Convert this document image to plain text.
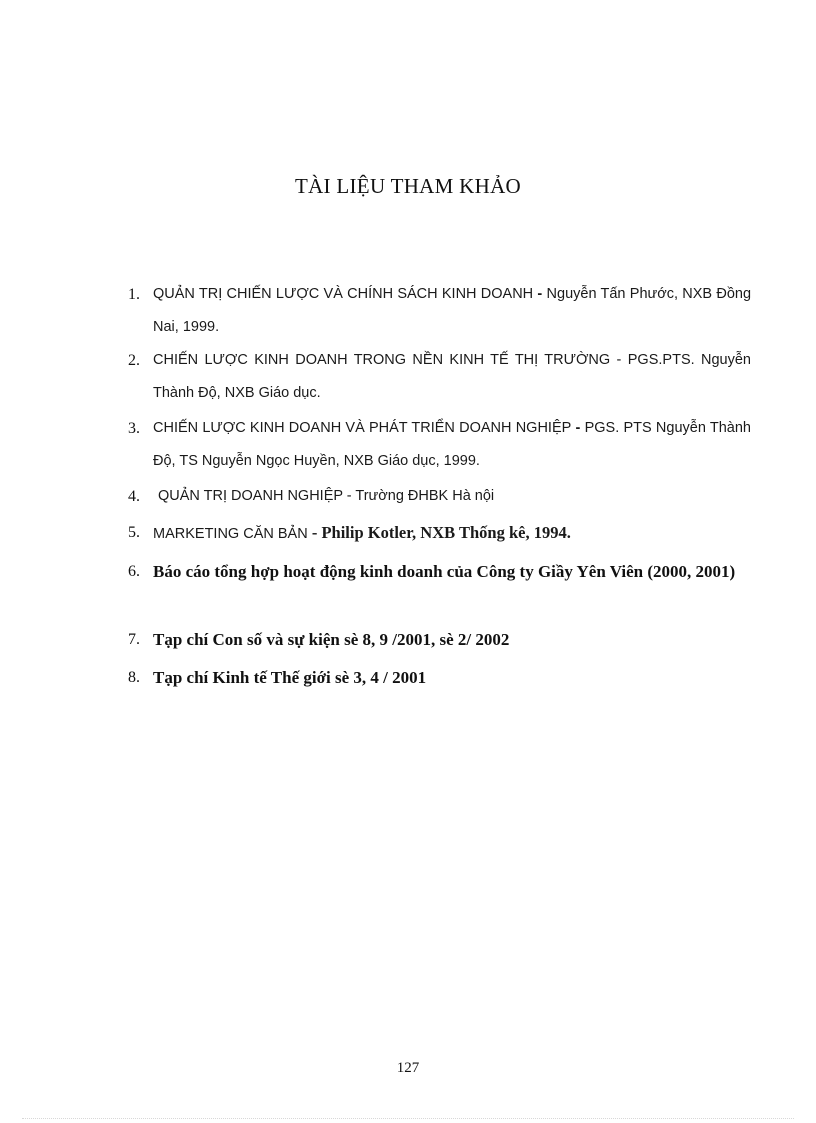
TÀI LIỆU THAM KHẢO
1. QUẢN TRỊ CHIẾN LƯỢC VÀ CHÍNH SÁCH KINH DOANH - Nguyễn Tấn Phước, NXB Đồng Nai, 1999.
2. CHIẾN LƯỢC KINH DOANH TRONG NỀN KINH TẾ THỊ TRƯỜNG - PGS.PTS. Nguyễn Thành Độ, NXB Giáo dục.
3. CHIẾN LƯỢC KINH DOANH VÀ PHÁT TRIỂN DOANH NGHIỆP - PGS. PTS Nguyễn Thành Độ, TS Nguyễn Ngọc Huyền, NXB Giáo dục, 1999.
4.	QUẢN TRỊ DOANH NGHIỆP - Trường ĐHBK Hà nội
5. MARKETING CĂN BẢN - Philip Kotler, NXB Thống kê, 1994.
6. Báo cáo tổng hợp hoạt động kinh doanh của Công ty Giầy Yên Viên (2000, 2001)
7. Tạp chí Con số và sự kiện sè 8, 9 /2001, sè 2/ 2002
8. Tạp chí Kinh tế Thế giới sè 3, 4 / 2001
127
